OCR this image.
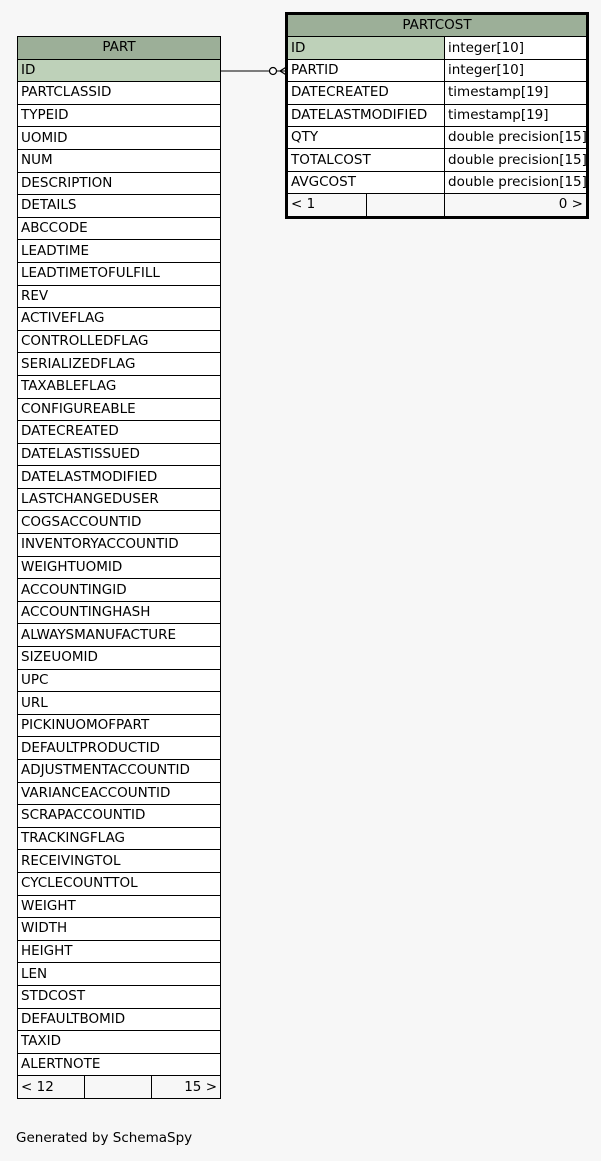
PART
ID
PARTCLASSID
TYPEID
UOMID
NUM
DESCRIPTION
DETAILS
ABCCODE
LEADTIME
LEADTIMETOFULFILL
REV
ACTIVEFLAG
CONTROLLEDFLAG
SERIALIZEDFLAG
TAXABLEFLAG
CONFIGUREABLE
DATECREATED
DATELASTISSUED
DATELASTMODIFIED
LASTCHANGEDUSER
COGSACCOUNTID
INVENTORYACCOUNTID
WEIGHTUOMID
ACCOUNTINGID
ACCOUNTINGHASH
ALWAYSMANUFACTURE
SIZEUOMID
UPC
URL
PICKINUOMOFPART
DEFAULTPRODUCTID
ADJUSTMENTACCOUNTID
VARIANCEACCOUNTID
SCRAPACCOUNTID
TRACKINGFLAG
RECEIVINGTOL
CYCLECOUNTTOL
WEIGHT
WIDTH
HEIGHT
LEN
STDCOST
DEFAULTBOMID
TAXID
ALERTNOTE
< 12		15 >
PARTCOST		
ID		integer[10]
PARTID		integer[10]
DATECREATED		timestamp[19]
DATELASTMODIFIED		timestamp[19]
QTY		double precision[15]
TOTALCOST		double precision[15]
AVGCOST		double precision[15]
< 1		0 >
Generated by SchemaSpy
